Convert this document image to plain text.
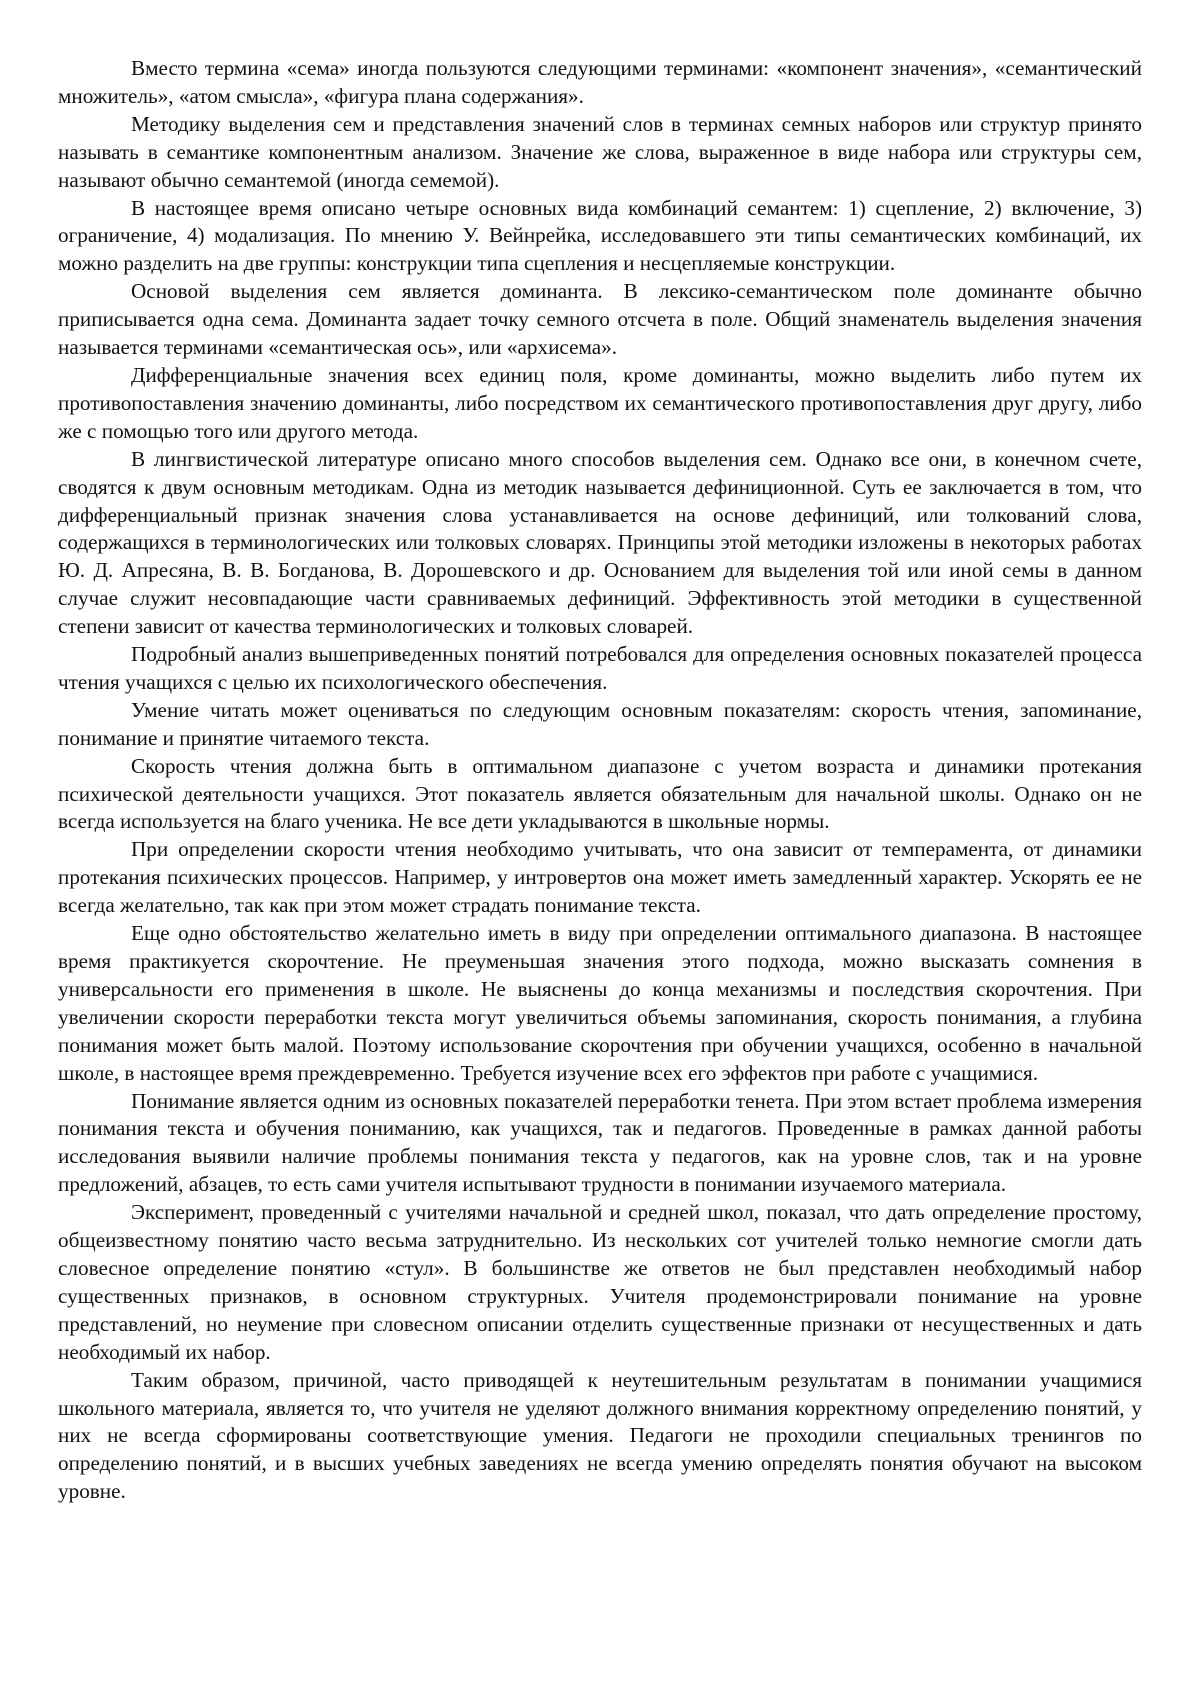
Вместо термина «сема» иногда пользуются следующими терминами: «компонент значения», «семантический множитель», «атом смысла», «фигура плана содержания».

Методику выделения сем и представления значений слов в терминах семных наборов или структур принято называть в семантике компонентным анализом. Значение же слова, выраженное в виде набора или структуры сем, называют обычно семантемой (иногда семемой).

В настоящее время описано четыре основных вида комбинаций семантем: 1) сцепление, 2) включение, 3) ограничение, 4) модализация. По мнению У. Вейнрейка, исследовавшего эти типы семантических комбинаций, их можно разделить на две группы: конструкции типа сцепления и несцепляемые конструкции.

Основой выделения сем является доминанта. В лексико-семантическом поле доминанте обычно приписывается одна сема. Доминанта задает точку семного отсчета в поле. Общий знаменатель выделения значения называется терминами «семантическая ось», или «архисема».

Дифференциальные значения всех единиц поля, кроме доминанты, можно выделить либо путем их противопоставления значению доминанты, либо посредством их семантического противопоставления друг другу, либо же с помощью того или другого метода.

В лингвистической литературе описано много способов выделения сем. Однако все они, в конечном счете, сводятся к двум основным методикам. Одна из методик называется дефиниционной. Суть ее заключается в том, что дифференциальный признак значения слова устанавливается на основе дефиниций, или толкований слова, содержащихся в терминологических или толковых словарях. Принципы этой методики изложены в некоторых работах Ю. Д. Апресяна, В. В. Богданова, В. Дорошевского и др. Основанием для выделения той или иной семы в данном случае служит несовпадающие части сравниваемых дефиниций. Эффективность этой методики в существенной степени зависит от качества терминологических и толковых словарей.

Подробный анализ вышеприведенных понятий потребовался для определения основных показателей процесса чтения учащихся с целью их психологического обеспечения.

Умение читать может оцениваться по следующим основным показателям: скорость чтения, запоминание, понимание и принятие читаемого текста.

Скорость чтения должна быть в оптимальном диапазоне с учетом возраста и динамики протекания психической деятельности учащихся. Этот показатель является обязательным для начальной школы. Однако он не всегда используется на благо ученика. Не все дети укладываются в школьные нормы.

При определении скорости чтения необходимо учитывать, что она зависит от темперамента, от динамики протекания психических процессов. Например, у интровертов она может иметь замедленный характер. Ускорять ее не всегда желательно, так как при этом может страдать понимание текста.

Еще одно обстоятельство желательно иметь в виду при определении оптимального диапазона. В настоящее время практикуется скорочтение. Не преуменьшая значения этого подхода, можно высказать сомнения в универсальности его применения в школе. Не выяснены до конца механизмы и последствия скорочтения. При увеличении скорости переработки текста могут увеличиться объемы запоминания, скорость понимания, а глубина понимания может быть малой. Поэтому использование скорочтения при обучении учащихся, особенно в начальной школе, в настоящее время преждевременно. Требуется изучение всех его эффектов при работе с учащимися.

Понимание является одним из основных показателей переработки тенета. При этом встает проблема измерения понимания текста и обучения пониманию, как учащихся, так и педагогов. Проведенные в рамках данной работы исследования выявили наличие проблемы понимания текста у педагогов, как на уровне слов, так и на уровне предложений, абзацев, то есть сами учителя испытывают трудности в понимании изучаемого материала.

Эксперимент, проведенный с учителями начальной и средней школ, показал, что дать определение простому, общеизвестному понятию часто весьма затруднительно. Из нескольких сот учителей только немногие смогли дать словесное определение понятию «стул». В большинстве же ответов не был представлен необходимый набор существенных признаков, в основном структурных. Учителя продемонстрировали понимание на уровне представлений, но неумение при словесном описании отделить существенные признаки от несущественных и дать необходимый их набор.

Таким образом, причиной, часто приводящей к неутешительным результатам в понимании учащимися школьного материала, является то, что учителя не уделяют должного внимания корректному определению понятий, у них не всегда сформированы соответствующие умения. Педагоги не проходили специальных тренингов по определению понятий, и в высших учебных заведениях не всегда умению определять понятия обучают на высоком уровне.
